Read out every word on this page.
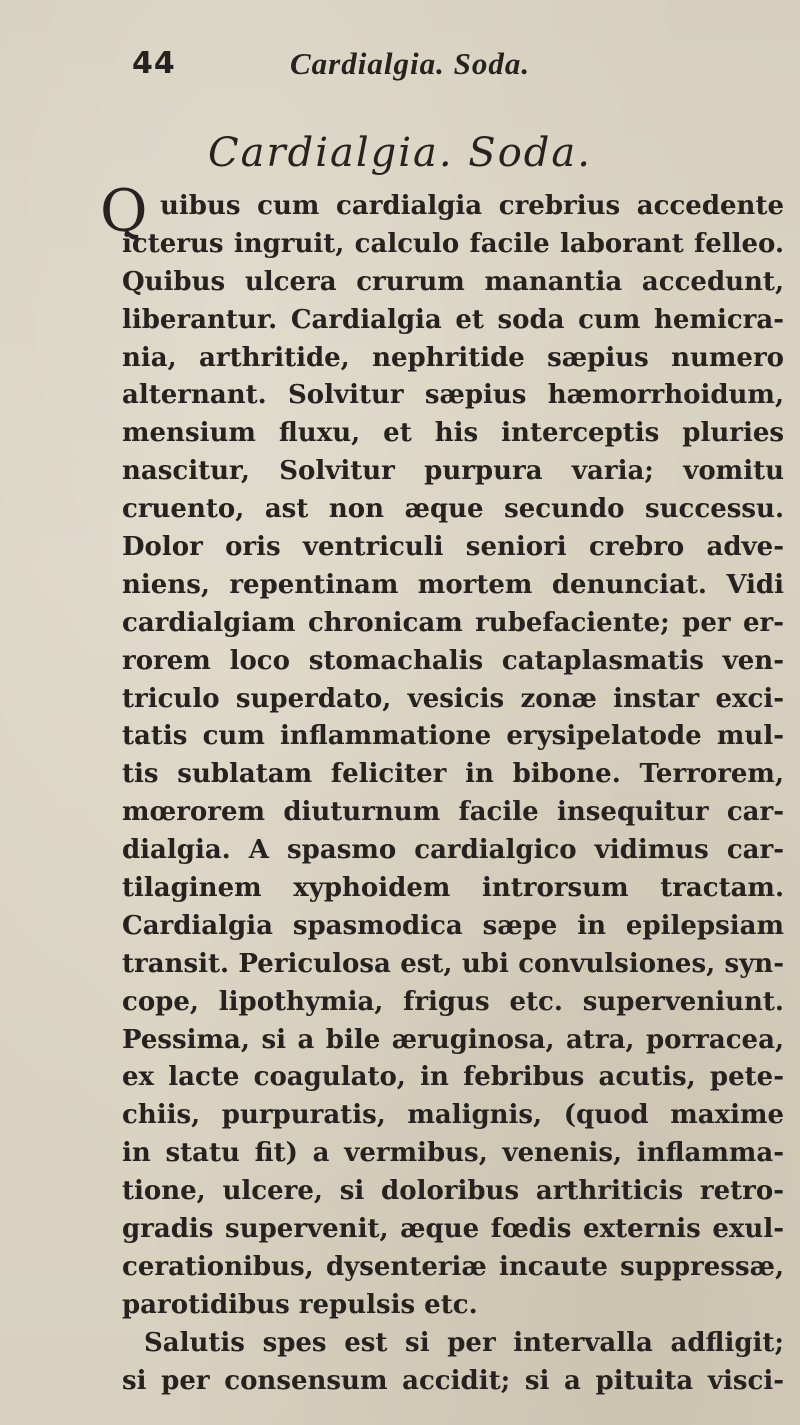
44	Cardialgia. Soda.
Cardialgia. Soda.
Q uibus cum cardialgia crebrius accedente
icterus ingruit, calculo facile laborant felleo.
Quibus ulcera crurum manantia accedunt,
liberantur. Cardialgia et soda cum hemicra-
nia, arthritide, nephritide sæpius numero
alternant. Solvitur sæpius hæmorrhoidum,
mensium fluxu, et his interceptis pluries
nascitur, Solvitur purpura varia; vomitu
cruento, ast non æque secundo successu.
Dolor oris ventriculi seniori crebro adve-
niens, repentinam mortem denunciat. Vidi
cardialgiam chronicam rubefaciente; per er-
rorem loco stomachalis cataplasmatis ven-
triculo superdato, vesicis zonæ instar exci-
tatis cum inflammatione erysipelatode mul-
tis sublatam feliciter in bibone. Terrorem,
mœrorem diuturnum facile insequitur car-
dialgia. A spasmo cardialgico vidimus car-
tilaginem xyphoidem introrsum tractam.
Cardialgia spasmodica sæpe in epilepsiam
transit. Periculosa est, ubi convulsiones, syn-
cope, lipothymia, frigus etc. superveniunt.
Pessima, si a bile æruginosa, atra, porracea,
ex lacte coagulato, in febribus acutis, pete-
chiis, purpuratis, malignis, (quod maxime
in statu fit) a vermibus, venenis, inflamma-
tione, ulcere, si doloribus arthriticis retro-
gradis supervenit, æque fœdis externis exul-
cerationibus, dysenteriæ incaute suppressæ,
parotidibus repulsis etc.
Salutis spes est si per intervalla adfligit;
si per consensum accidit; si a pituita visci-
